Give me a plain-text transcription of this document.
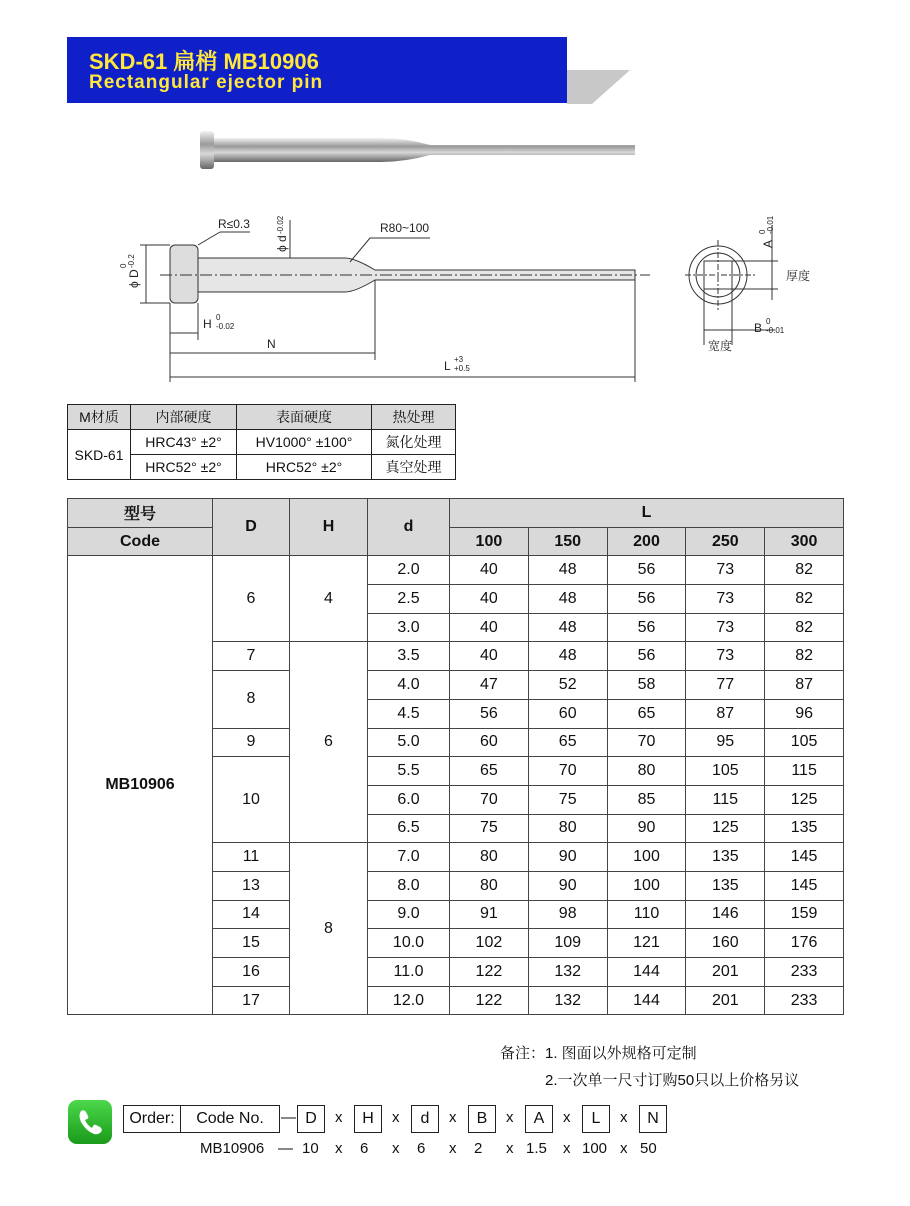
SKD-61 扁梢 MB10906
Rectangular ejector pin
R≤0.3	R80~100
ϕ d
-0.02
ϕ D
0 -0.2
H 0
-0.02
N
L +3
+0.5
A
0 -0.01
厚度
B 0
-0.01
宽度
M材质	内部硬度	表面硬度	热处理
SKD-61	HRC43° ±2°	HV1000° ±100°	氮化处理
	HRC52° ±2°	HRC52° ±2°	真空处理
型号	D	H	d	L				
Code				100	150	200	250	300
MB10906	6	4	2.0	40	48	56	73	82
			2.5	40	48	56	73	82
			3.0	40	48	56	73	82
	7	6	3.5	40	48	56	73	82
	8		4.0	47	52	58	77	87
			4.5	56	60	65	87	96
	9		5.0	60	65	70	95	105
	10		5.5	65	70	80	105	115
			6.0	70	75	85	115	125
			6.5	75	80	90	125	135
	11	8	7.0	80	90	100	135	145
	13		8.0	80	90	100	135	145
	14		9.0	91	98	110	146	159
	15		10.0	102	109	121	160	176
	16		11.0	122	132	144	201	233
	17		12.0	122	132	144	201	233
备注：1. 图面以外规格可定制
2.一次单一尺寸订购50只以上价格另议
Order:	Code No.	— D	x	H	x	d	x	B	x	A	x	L	x	N
MB10906 — 10 x 6 x 6 x 2 x 1.5 x 100 x 50
